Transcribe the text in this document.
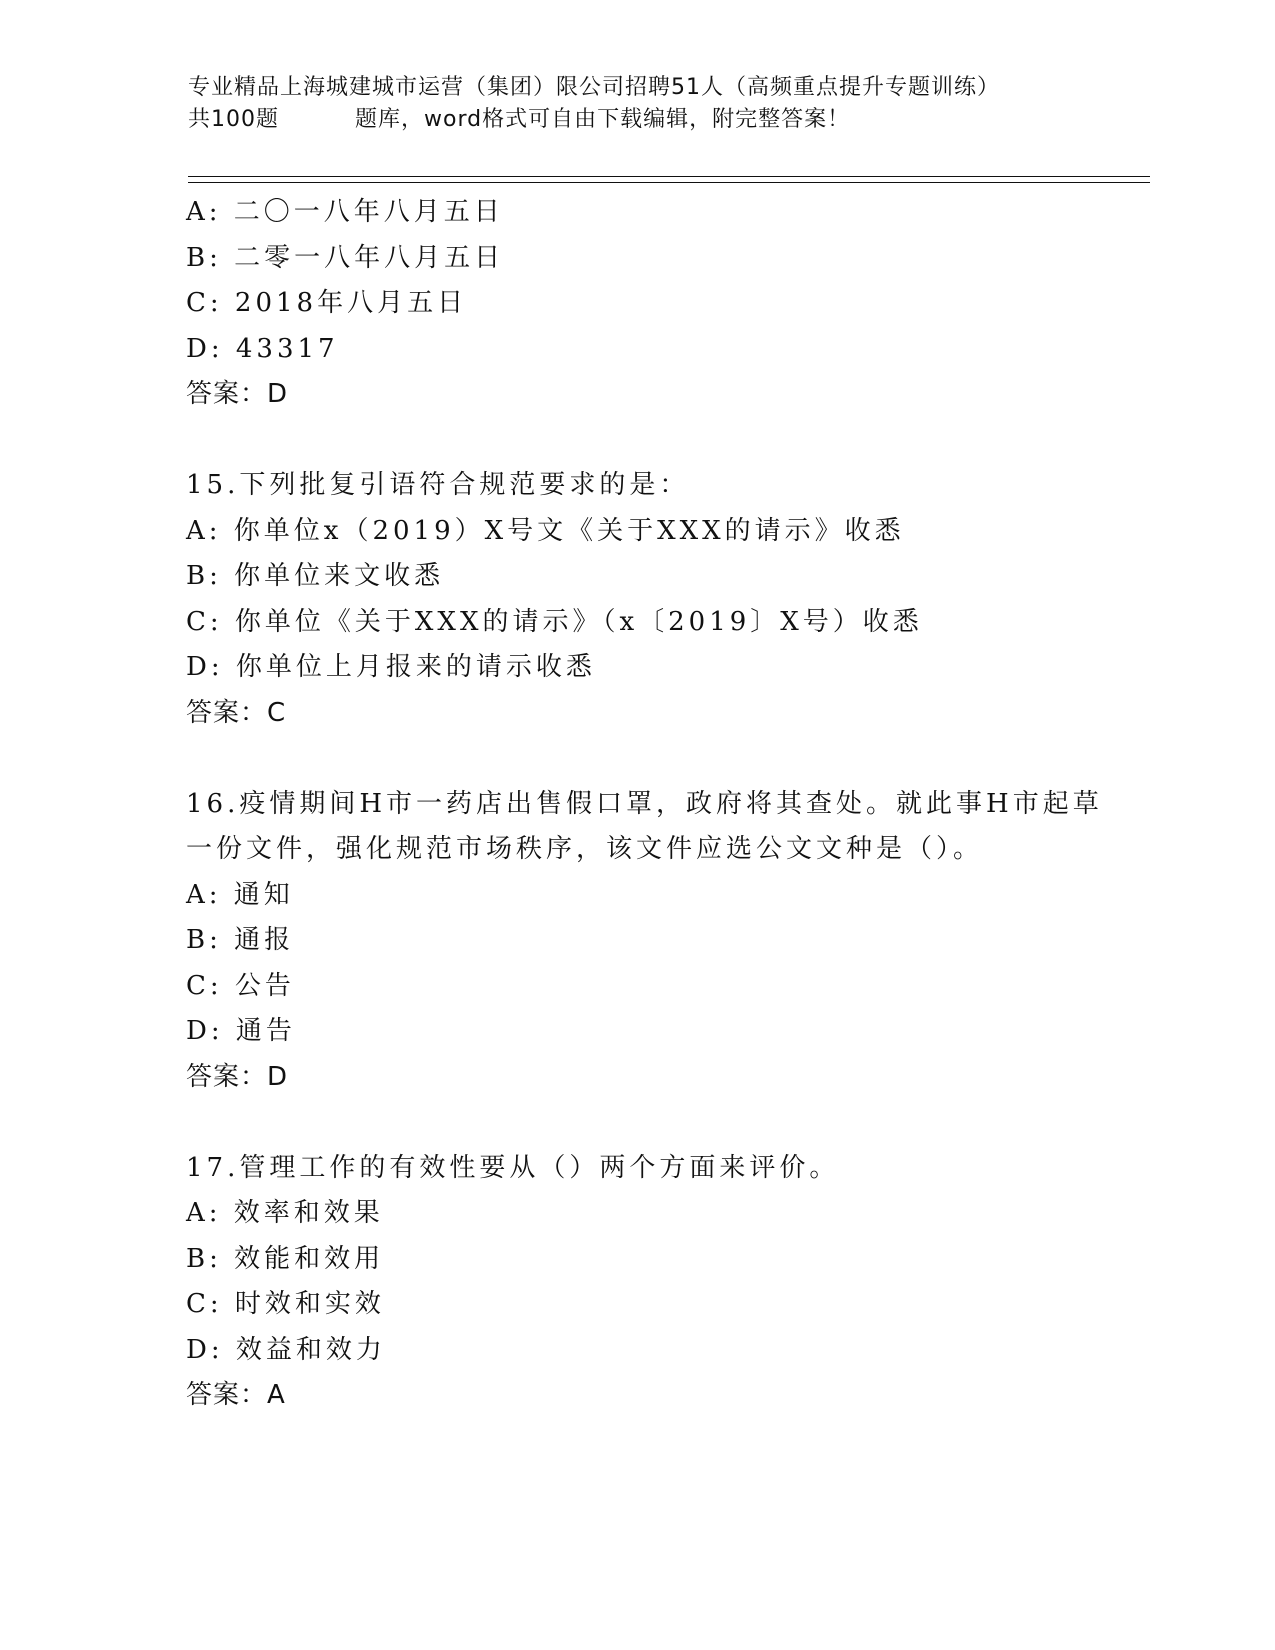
专业精品上海城建城市运营（集团）限公司招聘51人（高频重点提升专题训练）
共100题	题库，word格式可自由下载编辑，附完整答案！
A: 二〇一八年八月五日
B: 二零一八年八月五日
C: 2018年八月五日
D: 43317
答案：D
15.下列批复引语符合规范要求的是：
A: 你单位x（2019）X号文《关于XXX的请示》收悉
B: 你单位来文收悉
C: 你单位《关于XXX的请示》（x〔2019〕X号）收悉
D: 你单位上月报来的请示收悉
答案：C
16.疫情期间H市一药店出售假口罩，政府将其查处。就此事H市起草
一份文件，强化规范市场秩序，该文件应选公文文种是（）。
A: 通知
B: 通报
C: 公告
D: 通告
答案：D
17.管理工作的有效性要从（）两个方面来评价。
A: 效率和效果
B: 效能和效用
C: 时效和实效
D: 效益和效力
答案：A
